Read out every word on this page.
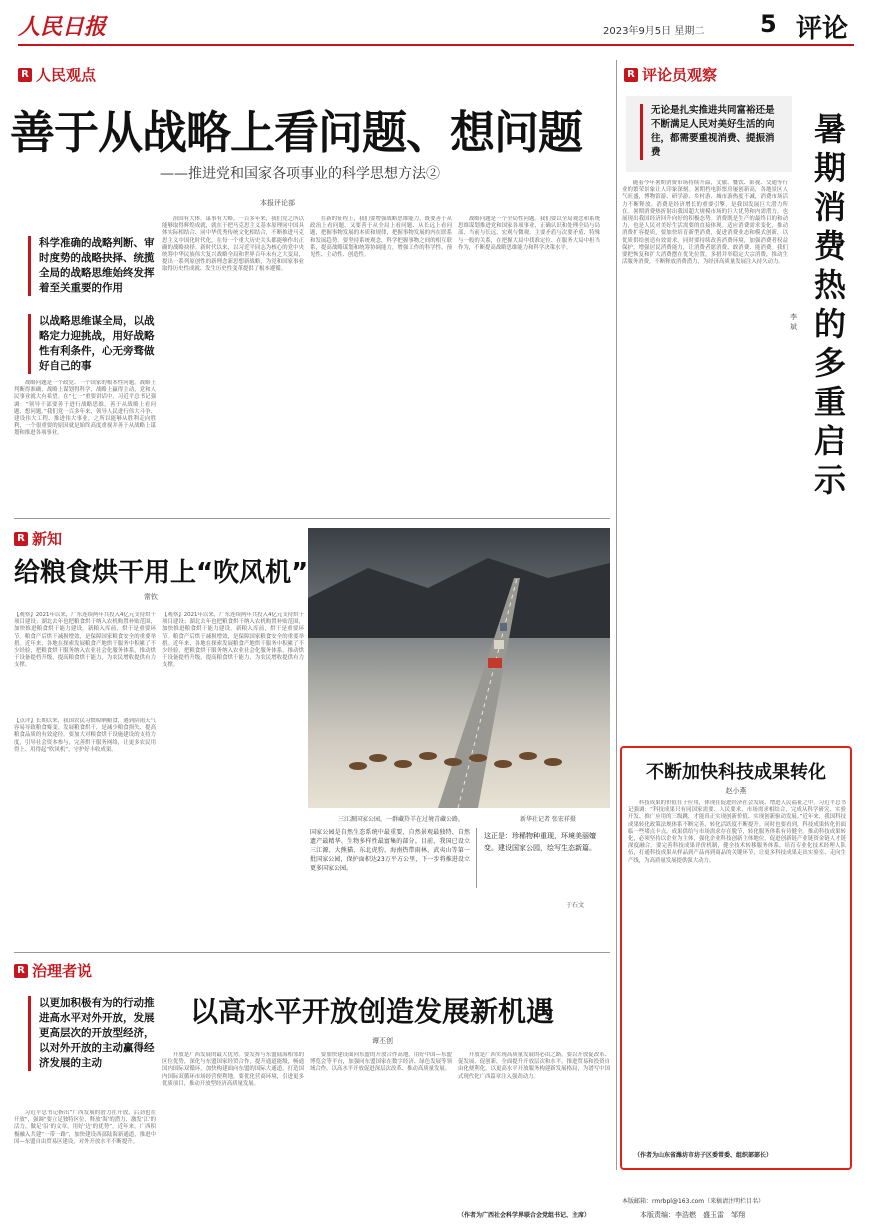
人民日报	2023年9月5日 星期二 5 评论
R 人民观点
善于从战略上看问题、想问题
——推进党和国家各项事业的科学思想方法②
本报评论部
科学准确的战略判断、审时度势的战略抉择、统揽全局的战略思维始终发挥着至关重要的作用
以战略思维谋全局，以战略定力迎挑战，用好战略性有利条件，心无旁骛做好自己的事
战略问题是一个政党、一个国家的根本性问题。战略上判断得准确，战略上谋划得科学，战略上赢得主动，党和人民事业就大有希望。在“七一”重要讲话中，习近平总书记强调：“领导干部要善于进行战略思维，善于从战略上看问题、想问题。”我们党一百多年来，领导人民进行伟大斗争、建设伟大工程、推进伟大事业，之所以能够从胜利走向胜利，一个很重要的原因就是始终高度重视并善于从战略上谋划和推进各项事业。
治国有大体，谋事有大略。一百多年来，我们党之所以能够取得辉煌成就，就在于把马克思主义基本原理同中国具体实际相结合、同中华优秀传统文化相结合，不断推进马克思主义中国化时代化，在每一个重大历史关头都能够作出正确的战略抉择。新时代以来，以习近平同志为核心的党中央统筹中华民族伟大复兴战略全局和世界百年未有之大变局，提出一系列原创性的新理念新思想新战略，为党和国家事业取得历史性成就、发生历史性变革提供了根本遵循。
在新的征程上，我们要增强战略思维能力，既要善于从政治上看问题，又要善于从全局上看问题、从长远上看问题，把握事物发展的本质和规律，把握事物发展的内在联系和发展趋势。要坚持系统观念，科学把握事物之间的相互联系，提高战略谋划和统筹协调能力，增强工作的科学性、预见性、主动性、创造性。
战略问题是一个全局性问题。我们要以全局观念和系统思维谋划推进党和国家各项事业，正确认识和处理全局与局部、当前与长远、宏观与微观、主要矛盾与次要矛盾、特殊与一般的关系，在把握大局中找准定位、在服务大局中担当作为，不断提高战略思维能力和科学决策水平。
R 评论员观察
无论是扎实推进共同富裕还是不断满足人民对美好生活的向往，都需要重视消费、提振消费
暑期消费热的多重启示
李斌
随着今年暑期消费市场持续升温，文旅、餐饮、影视、交通等行业的繁荣景象让人印象深刻。暑期档电影票房屡创新高，各地景区人气旺盛，博物馆游、研学游、乡村游、城市游热度不减，消费市场活力不断释放。消费是经济增长的重要引擎，是我国发展巨大潜力所在。暑期消费热折射出我国超大规模市场的巨大优势和内需潜力，也展现出我国经济回升向好的积极态势。消费既是生产的最终目的和动力，也是人民对美好生活需要的直接体现。适应消费需求变化，推动消费扩容提质，要加快培育新型消费，促进消费业态和模式创新，以优质供给创造有效需求。同时要持续改善消费环境，加强消费者权益保护，增强居民消费能力，让消费者愿消费、敢消费、能消费。我们要把恢复和扩大消费摆在优先位置，多措并举稳定大宗消费，推动生活服务消费，不断释放消费潜力，为经济高质量发展注入持久动力。
R 新知
给粮食烘干用上“吹风机”
常钦
【观察】2021年以来，广东连续两年共投入4亿元支持烘干项目建设；湖北去年也把粮食烘干纳入农机购置补贴范围，加快推进粮食烘干能力建设。新粮入库前，烘干是重要环节。粮食产后烘干减损增效，是保障国家粮食安全的重要举措。近年来，各地在探索发展粮食产地烘干服务中积累了不少经验，把粮食烘干服务纳入农业社会化服务体系，推动烘干设备提档升级，提高粮食烘干能力，为农民增收提供有力支撑。
【点评】长期以来，我国农民习惯晾晒粮食，遇到阴雨天气容易导致粮食霉变。发展粮食烘干，是减少粮食损失、提高粮食品质的有效途径。要加大对粮食烘干设施建设的支持力度，引导社会资本参与，完善烘干服务网络，让更多农民用得上、用得起“吹风机”，守护好丰收成果。
【观察】2021年以来，广东连续两年共投入4亿元支持烘干项目建设；湖北去年也把粮食烘干纳入农机购置补贴范围，加快推进粮食烘干能力建设。新粮入库前，烘干是重要环节。粮食产后烘干减损增效，是保障国家粮食安全的重要举措。近年来，各地在探索发展粮食产地烘干服务中积累了不少经验，把粮食烘干服务纳入农业社会化服务体系，推动烘干设备提档升级，提高粮食烘干能力，为农民增收提供有力支撑。
三江源国家公园，一群藏羚羊在过境青藏公路。	新华社记者 张宏祥摄
国家公园是自然生态系统中最重要、自然景观最独特、自然遗产最精华、生物多样性最富集的部分。目前，我国已设立三江源、大熊猫、东北虎豹、海南热带雨林、武夷山等第一批国家公园，保护面积达23万平方公里，下一步将推进设立更多国家公园。
这正是：珍稀物种重现，环境美丽嬗变。建设国家公园，绘写生态新篇。
于石文
不断加快科技成果转化
赵小燕
科技成果的价值在于应用，体现在促进经济社会发展、增进人民福祉之中。习近平总书记强调：“科技成果只有同国家需要、人民要求、市场需求相结合，完成从科学研究、实验开发、推广应用的三级跳，才能真正实现创新价值、实现创新驱动发展。”近年来，我国科技成果转化政策法规体系不断完善，转化活跃度不断提升。同时也要看到，科技成果转化仍面临一些堵点卡点，成果供给与市场需求存在脱节，转化服务体系有待健全。推动科技成果转化，必须坚持以企业为主体，强化企业科技创新主体地位，促进创新链产业链资金链人才链深度融合。要完善科技成果评价机制，健全技术转移服务体系，培育专业化技术经理人队伍，打通科技成果从样品到产品再到商品的关键环节，让更多科技成果走出实验室、走向生产线，为高质量发展提供强大动力。
（作者为山东省潍坊市坊子区委常委、组织部部长）
R 治理者说
以高水平开放创造发展新机遇
谭丕创
以更加积极有为的行动推进高水平对外开放，发展更高层次的开放型经济，以对外开放的主动赢得经济发展的主动
习近平总书记指出“广西发展的潜力在开放，后劲也在开放”，强调“要立足独特区位，释放‘海’的潜力，激发‘江’的活力，做足‘沿’的文章，用好‘边’的优势”。近年来，广西积极融入共建“一带一路”，加快建设西部陆海新通道，推进中国—东盟自由贸易区建设，对外开放水平不断提升。
开放是广西发展的最大优势。要发挥与东盟陆海相邻的区位优势，深化与东盟国家经贸合作，提升通道能级，畅通国内国际双循环，加快构建面向东盟的国际大通道，打造国内国际双循环市场经营便利地。要优化营商环境，引进更多优质项目，推动开放型经济高质量发展。
要加快建设面向东盟的开放合作高地，用好中国—东盟博览会等平台，加强同东盟国家在数字经济、绿色发展等领域合作，以高水平开放促进深层次改革、推动高质量发展。
开放是广西实现高质量发展的必由之路。要以开放促改革、促发展、促创新，全面提升开放层次和水平，推进贸易和投资自由化便利化，以更高水平开放服务构建新发展格局，为谱写中国式现代化广西篇章注入强劲动力。
（作者为广西社会科学界联合会党组书记、主席）
本版邮箱：rmrbpl@163.com（来稿请注明栏目名）
本版责编：李浩燃　盛玉雷　邹翔
